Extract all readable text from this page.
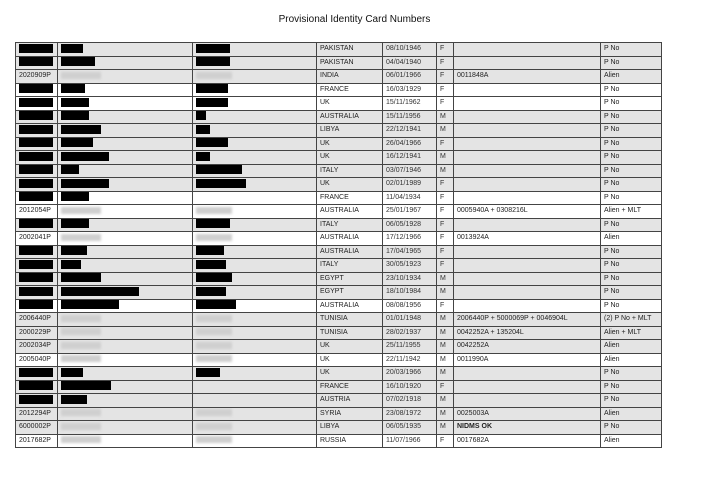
Provisional Identity Card Numbers
			PAKISTAN	08/10/1946	F		P No
			PAKISTAN	04/04/1940	F		P No
2020909P			INDIA	06/01/1966	F	0011848A	Alien
			FRANCE	16/03/1929	F		P No
			UK	15/11/1962	F		P No
			AUSTRALIA	15/11/1956	M		P No
			LIBYA	22/12/1941	M		P No
			UK	26/04/1966	F		P No
			UK	16/12/1941	M		P No
			ITALY	03/07/1946	M		P No
			UK	02/01/1989	F		P No
			FRANCE	11/04/1934	F		P No
2012054P			AUSTRALIA	25/01/1967	F	0005940A + 0308216L	Alien + MLT
			ITALY	06/05/1928	F		P No
2002041P			AUSTRALIA	17/12/1966	F	0013924A	Alien
			AUSTRALIA	17/04/1965	F		P No
			ITALY	30/05/1923	F		P No
			EGYPT	23/10/1934	M		P No
			EGYPT	18/10/1984	M		P No
			AUSTRALIA	08/08/1956	F		P No
2006440P			TUNISIA	01/01/1948	M	2006440P + 5000069P + 0046904L	(2) P No + MLT
2000229P			TUNISIA	28/02/1937	M	0042252A + 135204L	Alien + MLT
2002034P			UK	25/11/1955	M	0042252A	Alien
2005040P			UK	22/11/1942	M	0011990A	Alien
			UK	20/03/1966	M		P No
			FRANCE	16/10/1920	F		P No
			AUSTRIA	07/02/1918	M		P No
2012294P			SYRIA	23/08/1972	M	0025003A	Alien
6000002P			LIBYA	06/05/1935	M	NIDMS OK	P No
2017682P			RUSSIA	11/07/1966	F	0017682A	Alien
